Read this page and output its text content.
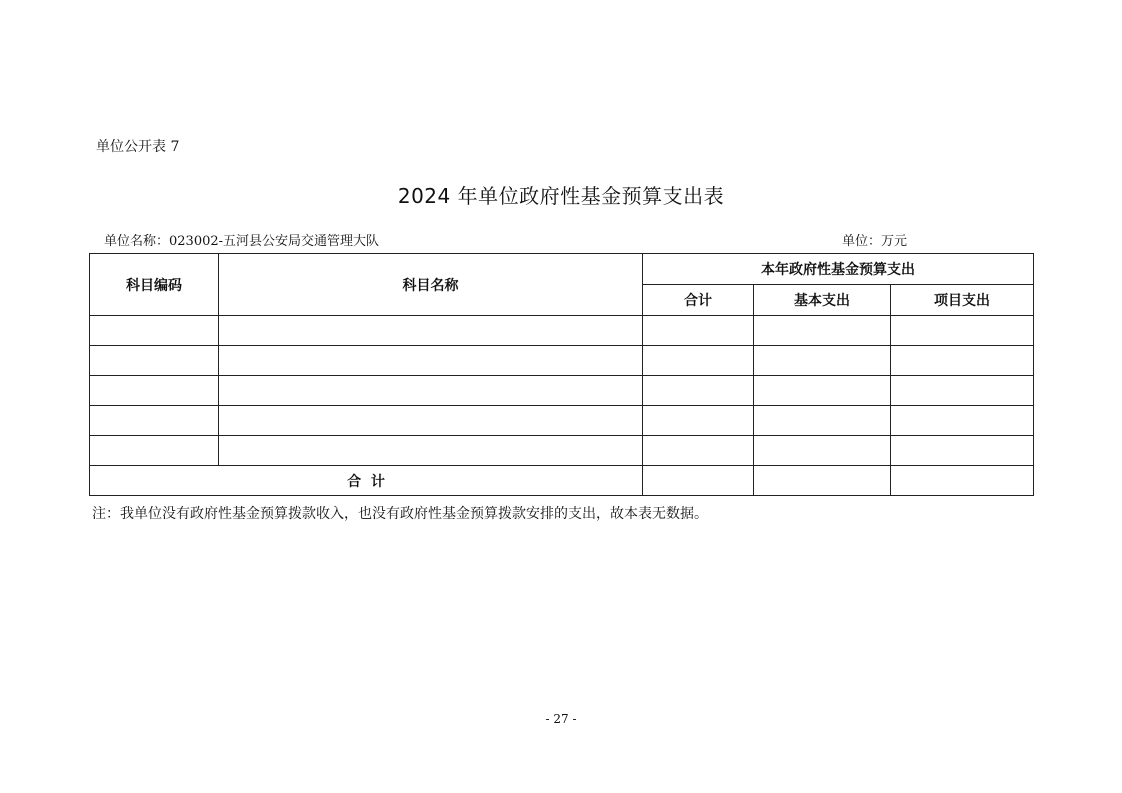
单位公开表 7
2024 年单位政府性基金预算支出表
单位名称：023002-五河县公安局交通管理大队	单位：万元
科目编码	科目名称	本年政府性基金预算支出		
		合计	基本支出	项目支出

合  计				
注：我单位没有政府性基金预算拨款收入，也没有政府性基金预算拨款安排的支出，故本表无数据。
- 27 -
